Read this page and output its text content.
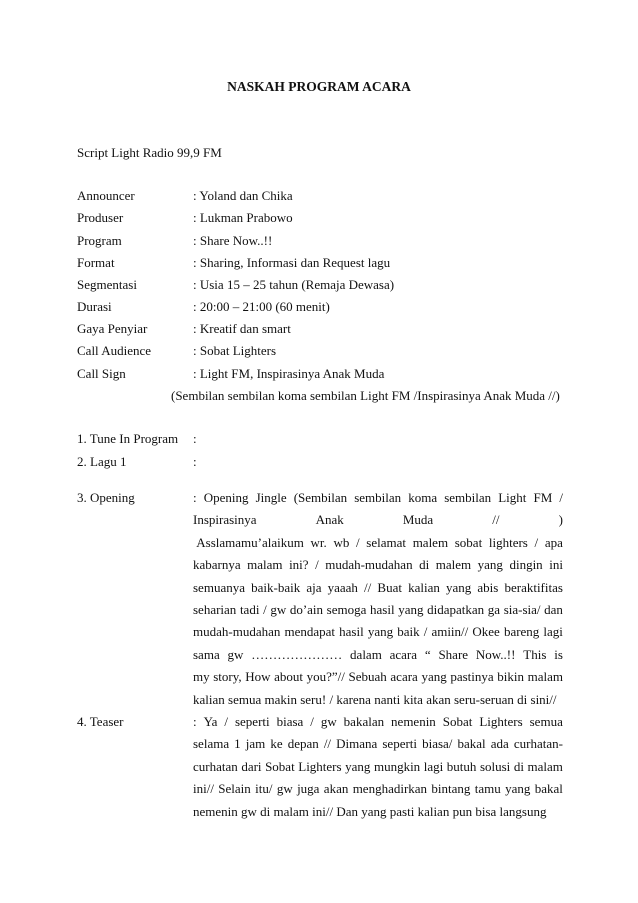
NASKAH PROGRAM ACARA
Script Light Radio 99,9 FM
Announcer	: Yoland dan Chika
Produser	: Lukman Prabowo
Program	: Share Now..!!
Format	: Sharing, Informasi dan Request lagu
Segmentasi	: Usia 15 – 25 tahun (Remaja Dewasa)
Durasi	: 20:00 – 21:00 (60 menit)
Gaya Penyiar	: Kreatif dan smart
Call Audience	: Sobat Lighters
Call Sign	: Light FM, Inspirasinya Anak Muda
(Sembilan sembilan koma sembilan Light FM /Inspirasinya Anak Muda //)
1. Tune In Program :
2. Lagu 1	:
3. Opening	: Opening Jingle (Sembilan sembilan koma sembilan Light FM /
Inspirasinya	Anak	Muda	//	)
Asslamamu’alaikum wr. wb / selamat malem sobat lighters / apa
kabarnya malam ini? / mudah-mudahan di malem yang dingin ini
semuanya baik-baik aja yaaah // Buat kalian yang abis beraktifitas
seharian tadi / gw do’ain semoga hasil yang didapatkan ga sia-sia/ dan
mudah-mudahan mendapat hasil yang baik / amiin// Okee bareng lagi
sama gw ………………… dalam acara “ Share Now..!! This is
my story, How about you?”// Sebuah acara yang pastinya bikin malam
kalian semua makin seru! / karena nanti kita akan seru-seruan di sini//
4. Teaser	: Ya / seperti biasa / gw bakalan nemenin Sobat Lighters semua
selama 1 jam ke depan // Dimana seperti biasa/ bakal ada curhatan-
curhatan dari Sobat Lighters yang mungkin lagi butuh solusi di malam
ini// Selain itu/ gw juga akan menghadirkan bintang tamu yang bakal
nemenin gw di malam ini// Dan yang pasti kalian pun bisa langsung
